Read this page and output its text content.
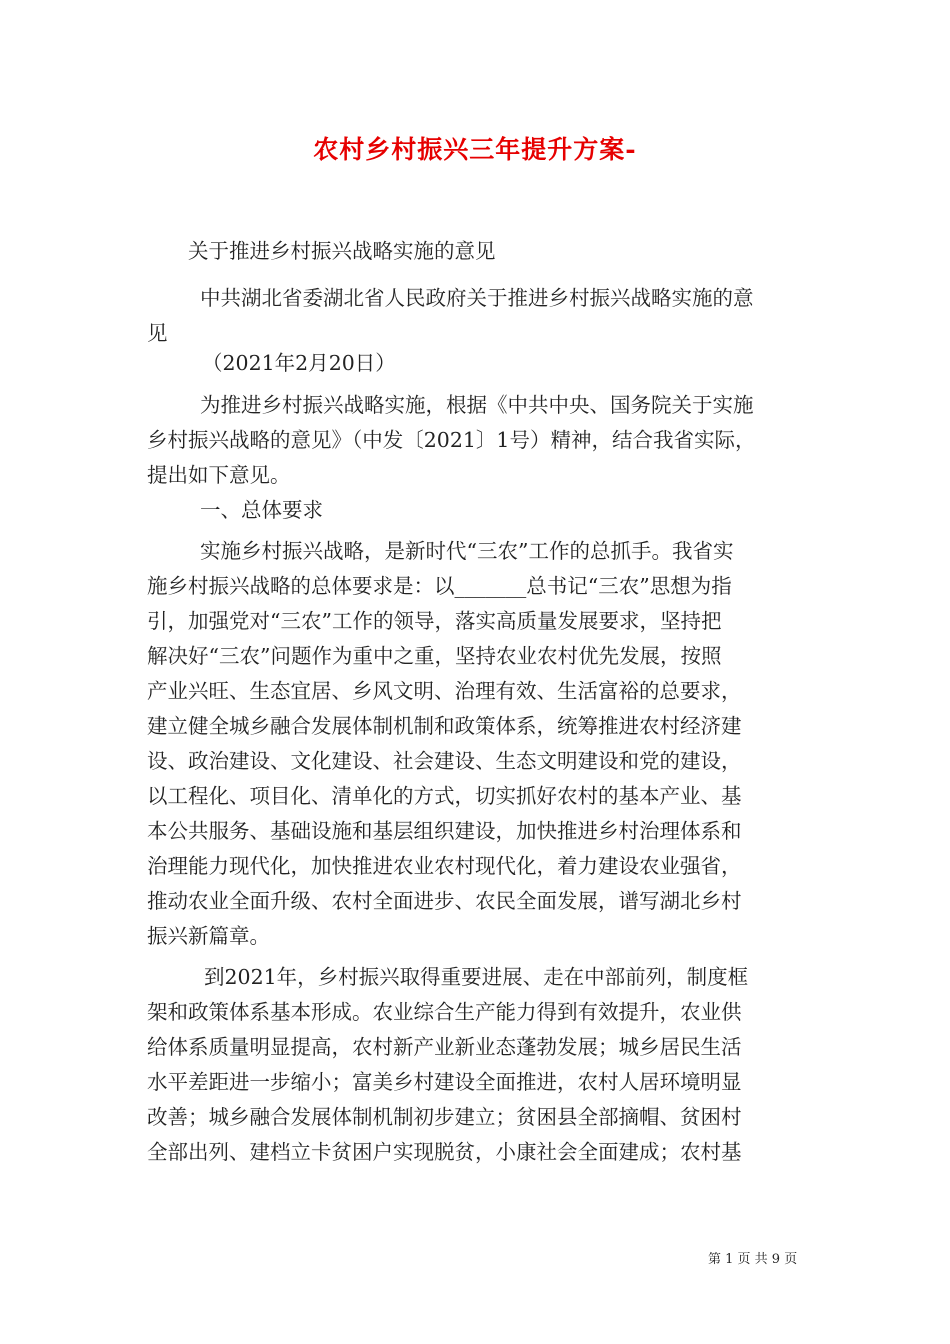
农村乡村振兴三年提升方案-
关于推进乡村振兴战略实施的意见
中共湖北省委湖北省人民政府关于推进乡村振兴战略实施的意
见
（2021年2月20日）
为推进乡村振兴战略实施，根据《中共中央、国务院关于实施
乡村振兴战略的意见》（中发〔2021〕1号）精神，结合我省实际，
提出如下意见。
一、总体要求
实施乡村振兴战略，是新时代“三农”工作的总抓手。我省实
施乡村振兴战略的总体要求是：以_______总书记“三农”思想为指
引，加强党对“三农”工作的领导，落实高质量发展要求，坚持把
解决好“三农”问题作为重中之重，坚持农业农村优先发展，按照
产业兴旺、生态宜居、乡风文明、治理有效、生活富裕的总要求，
建立健全城乡融合发展体制机制和政策体系，统筹推进农村经济建
设、政治建设、文化建设、社会建设、生态文明建设和党的建设，
以工程化、项目化、清单化的方式，切实抓好农村的基本产业、基
本公共服务、基础设施和基层组织建设，加快推进乡村治理体系和
治理能力现代化，加快推进农业农村现代化，着力建设农业强省，
推动农业全面升级、农村全面进步、农民全面发展，谱写湖北乡村
振兴新篇章。
到2021年，乡村振兴取得重要进展、走在中部前列，制度框
架和政策体系基本形成。农业综合生产能力得到有效提升，农业供
给体系质量明显提高，农村新产业新业态蓬勃发展；城乡居民生活
水平差距进一步缩小；富美乡村建设全面推进，农村人居环境明显
改善；城乡融合发展体制机制初步建立；贫困县全部摘帽、贫困村
全部出列、建档立卡贫困户实现脱贫，小康社会全面建成；农村基
第 1 页 共 9 页
